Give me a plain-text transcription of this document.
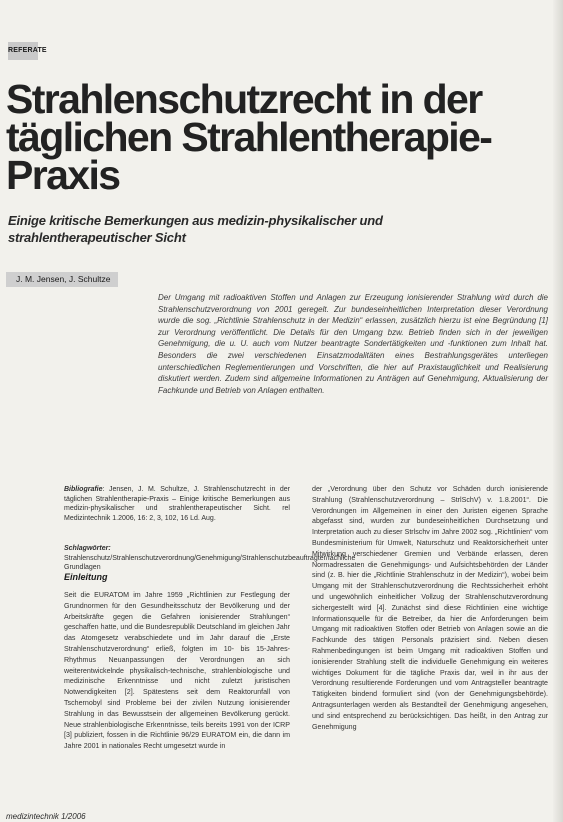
REFERATE
Strahlenschutzrecht in der täglichen Strahlentherapie-Praxis
Einige kritische Bemerkungen aus medizin-physikalischer und strahlentherapeutischer Sicht
J. M. Jensen, J. Schultze
Der Umgang mit radioaktiven Stoffen und Anlagen zur Erzeugung ionisierender Strahlung wird durch die Strahlenschutzverordnung von 2001 geregelt. Zur bundeseinheitlichen Interpretation dieser Verordnung wurde die sog. „Richtlinie Strahlenschutz in der Medizin“ erlassen, zusätzlich hierzu ist eine Begründung [1] zur Verordnung veröffentlicht. Die Details für den Umgang bzw. Betrieb finden sich in der jeweiligen Genehmigung, die u. U. auch vom Nutzer beantragte Sondertätigkeiten und -funktionen zum Inhalt hat. Besonders die zwei verschiedenen Einsatzmodalitäten eines Bestrahlungsgerätes unterliegen unterschiedlichen Reglementierungen und Vorschriften, die hier auf Praxistauglichkeit und Realisierung diskutiert werden. Zudem sind allgemeine Informationen zu Anträgen auf Genehmigung, Aktualisierung der Fachkunde und Betrieb von Anlagen enthalten.
Bibliografie: Jensen, J. M. Schultze, J. Strahlenschutzrecht in der täglichen Strahlentherapie-Praxis – Einige kritische Bemerkungen aus medizin-physikalischer und strahlentherapeutischer Sicht. rel Medizintechnik 1.2006, 16: 2, 3, 102, 16 Ld. Aug.
Schlagwörter: Strahlenschutz/Strahlenschutzverordnung/Genehmigung/Strahlenschutzbeauftragter/fachliche Grundlagen
Einleitung
Seit die EURATOM im Jahre 1959 „Richtlinien zur Festlegung der Grundnormen für den Gesundheitsschutz der Bevölkerung und der Arbeitskräfte gegen die Gefahren ionisierender Strahlungen“ geschaffen hatte, und die Bundesrepublik Deutschland im gleichen Jahr das Atomgesetz verabschiedete und im Jahr darauf die „Erste Strahlenschutzverordnung“ erließ, folgten im 10- bis 15-Jahres-Rhythmus Neuanpassungen der Verordnungen an sich weiterentwickelnde physikalisch-technische, strahlenbiologische und medizinische Erkenntnisse und nicht zuletzt juristischen Notwendigkeiten [2]. Spätestens seit dem Reaktorunfall von Tschernobyl sind Probleme bei der zivilen Nutzung ionisierender Strahlung in das Bewusstsein der allgemeinen Bevölkerung gerückt. Neue strahlenbiologische Erkenntnisse, teils bereits 1991 von der ICRP [3] publiziert, fossen in die Richtlinie 96/29 EURATOM ein, die dann im Jahre 2001 in nationales Recht umgesetzt wurde in
der „Verordnung über den Schutz vor Schäden durch ionisierende Strahlung (Strahlenschutzverordnung – StrlSchV) v. 1.8.2001“. Die Verordnungen im Allgemeinen in einer den Juristen eigenen Sprache abgefasst sind, wurden zur bundeseinheitlichen Durchsetzung und Interpretation auch zu dieser Strlschv im Jahre 2002 sog. „Richtlinien“ vom Bundesministerium für Umwelt, Naturschutz und Reaktorsicherheit unter Mitwirkung verschiedener Gremien und Verbände erlassen, deren Normadressaten die Genehmigungs- und Aufsichtsbehörden der Länder sind (z. B. hier die „Richtlinie Strahlenschutz in der Medizin“), wobei beim Umgang mit der Strahlenschutzverordnung die Rechtssicherheit erhöht und ungewöhnlich einheitlicher Vollzug der Strahlenschutzverordnung sichergestellt wird [4]. Zunächst sind diese Richtlinien eine wichtige Informationsquelle für die Betreiber, da hier die Anforderungen beim Umgang mit radioaktiven Stoffen oder Betrieb von Anlagen sowie an die Fachkunde des tätigen Personals präzisiert sind. Neben diesen Rahmenbedingungen ist beim Umgang mit radioaktiven Stoffen und ionisierender Strahlung stellt die individuelle Genehmigung ein weiteres wichtiges Dokument für die tägliche Praxis dar, weil in ihr aus der Verordnung resultierende Forderungen und vom Antragsteller beantragte Tätigkeiten bindend formuliert sind (von der Genehmigungsbehörde). Antragsunterlagen werden als Bestandteil der Genehmigung angesehen, und sind entsprechend zu berücksichtigen. Das heißt, in den Antrag zur Genehmigung
medizintechnik 1/2006
